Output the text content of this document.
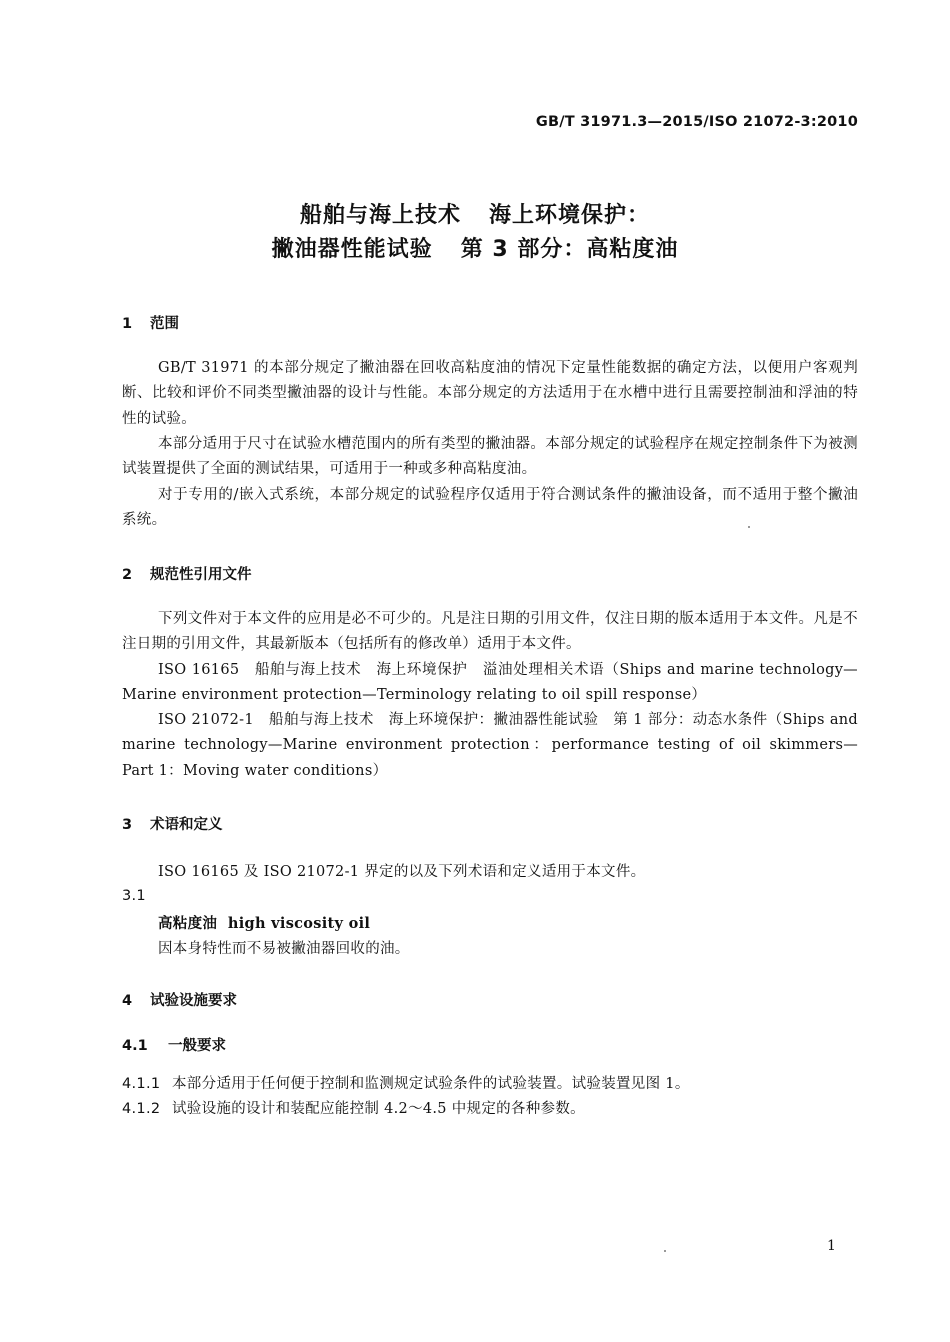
GB/T 31971.3—2015/ISO 21072-3:2010
船舶与海上技术 海上环境保护：
撇油器性能试验 第 3 部分：高粘度油
1 范围
GB/T 31971 的本部分规定了撇油器在回收高粘度油的情况下定量性能数据的确定方法，以便用户客观判断、比较和评价不同类型撇油器的设计与性能。本部分规定的方法适用于在水槽中进行且需要控制油和浮油的特性的试验。
本部分适用于尺寸在试验水槽范围内的所有类型的撇油器。本部分规定的试验程序在规定控制条件下为被测试装置提供了全面的测试结果，可适用于一种或多种高粘度油。
对于专用的/嵌入式系统，本部分规定的试验程序仅适用于符合测试条件的撇油设备，而不适用于整个撇油系统。
2 规范性引用文件
下列文件对于本文件的应用是必不可少的。凡是注日期的引用文件，仅注日期的版本适用于本文件。凡是不注日期的引用文件，其最新版本（包括所有的修改单）适用于本文件。
ISO 16165　船舶与海上技术　海上环境保护　溢油处理相关术语（Ships and marine technology—Marine environment protection—Terminology relating to oil spill response）
ISO 21072-1　船舶与海上技术　海上环境保护：撇油器性能试验　第 1 部分：动态水条件（Ships and marine technology—Marine environment protection：performance testing of oil skimmers—Part 1：Moving water conditions）
3 术语和定义
ISO 16165 及 ISO 21072-1 界定的以及下列术语和定义适用于本文件。
3.1
高粘度油 high viscosity oil
因本身特性而不易被撇油器回收的油。
4 试验设施要求
4.1 一般要求
4.1.1 本部分适用于任何便于控制和监测规定试验条件的试验装置。试验装置见图 1。
4.1.2 试验设施的设计和装配应能控制 4.2～4.5 中规定的各种参数。
1
